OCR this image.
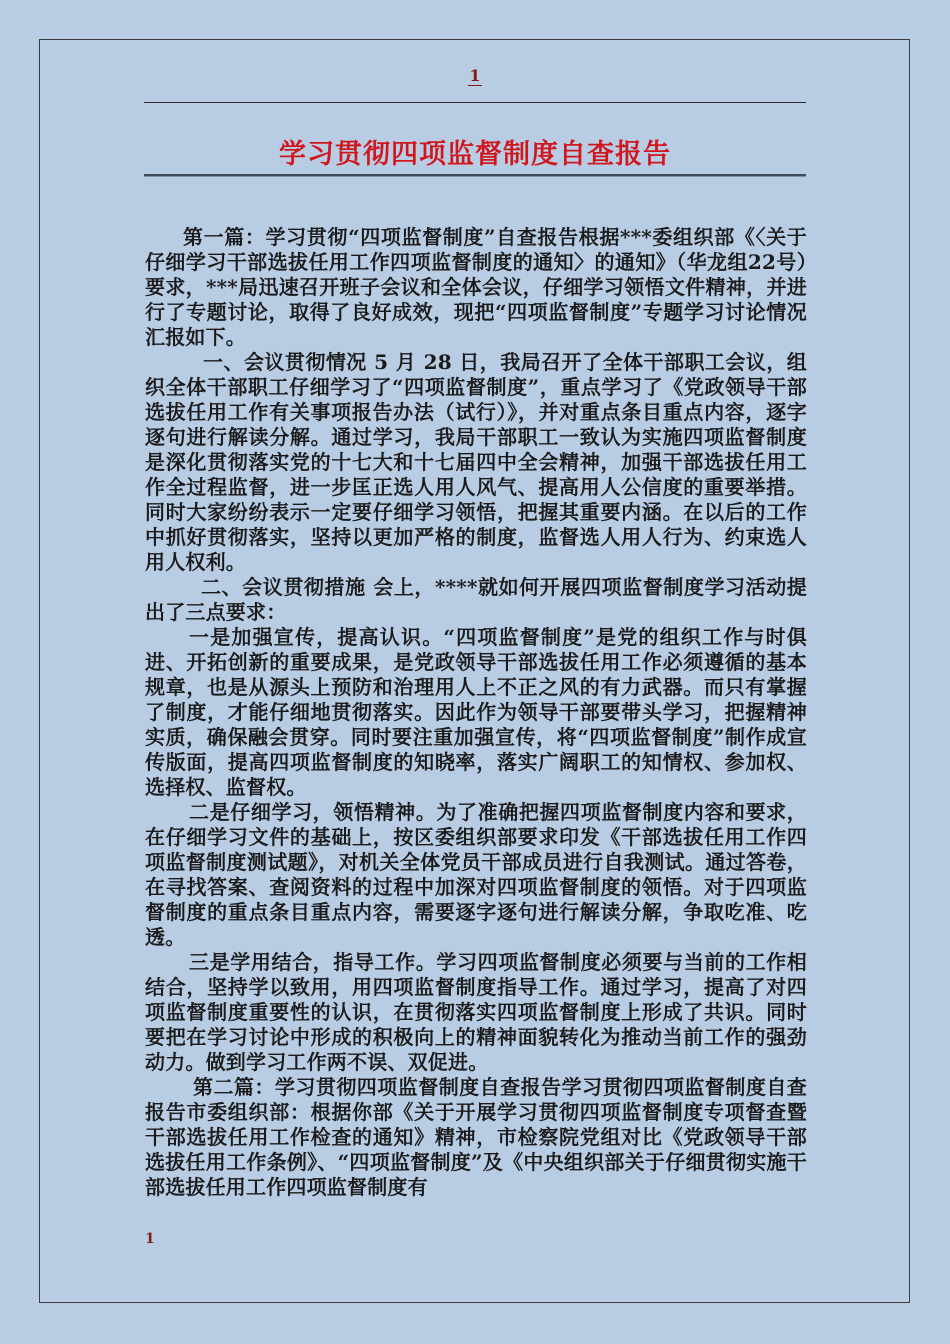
1
学习贯彻四项监督制度自查报告

第一篇：学习贯彻“四项监督制度”自查报告根据***委组织部《〈关于仔细学习干部选拔任用工作四项监督制度的通知〉的通知》（华龙组22号）要求，***局迅速召开班子会议和全体会议，仔细学习领悟文件精神，并进行了专题讨论，取得了良好成效，现把“四项监督制度”专题学习讨论情况汇报如下。

一、会议贯彻情况 5 月 28 日，我局召开了全体干部职工会议，组织全体干部职工仔细学习了“四项监督制度”，重点学习了《党政领导干部选拔任用工作有关事项报告办法（试行）》，并对重点条目重点内容，逐字逐句进行解读分解。通过学习，我局干部职工一致认为实施四项监督制度是深化贯彻落实党的十七大和十七届四中全会精神，加强干部选拔任用工作全过程监督，进一步匡正选人用人风气、提高用人公信度的重要举措。同时大家纷纷表示一定要仔细学习领悟，把握其重要内涵。在以后的工作中抓好贯彻落实，坚持以更加严格的制度，监督选人用人行为、约束选人用人权利。

二、会议贯彻措施 会上，****就如何开展四项监督制度学习活动提出了三点要求：

一是加强宣传，提高认识。“四项监督制度”是党的组织工作与时俱进、开拓创新的重要成果，是党政领导干部选拔任用工作必须遵循的基本规章，也是从源头上预防和治理用人上不正之风的有力武器。而只有掌握了制度，才能仔细地贯彻落实。因此作为领导干部要带头学习，把握精神实质，确保融会贯穿。同时要注重加强宣传，将“四项监督制度”制作成宣传版面，提高四项监督制度的知晓率，落实广阔职工的知情权、参加权、选择权、监督权。

二是仔细学习，领悟精神。为了准确把握四项监督制度内容和要求，在仔细学习文件的基础上，按区委组织部要求印发《干部选拔任用工作四项监督制度测试题》，对机关全体党员干部成员进行自我测试。通过答卷，在寻找答案、查阅资料的过程中加深对四项监督制度的领悟。对于四项监督制度的重点条目重点内容，需要逐字逐句进行解读分解，争取吃准、吃透。

三是学用结合，指导工作。学习四项监督制度必须要与当前的工作相结合，坚持学以致用，用四项监督制度指导工作。通过学习，提高了对四项监督制度重要性的认识，在贯彻落实四项监督制度上形成了共识。同时要把在学习讨论中形成的积极向上的精神面貌转化为推动当前工作的强劲动力。做到学习工作两不误、双促进。

第二篇：学习贯彻四项监督制度自查报告学习贯彻四项监督制度自查报告市委组织部：根据你部《关于开展学习贯彻四项监督制度专项督查暨干部选拔任用工作检查的通知》精神，市检察院党组对比《党政领导干部选拔任用工作条例》、“四项监督制度”及《中央组织部关于仔细贯彻实施干部选拔任用工作四项监督制度有

1
